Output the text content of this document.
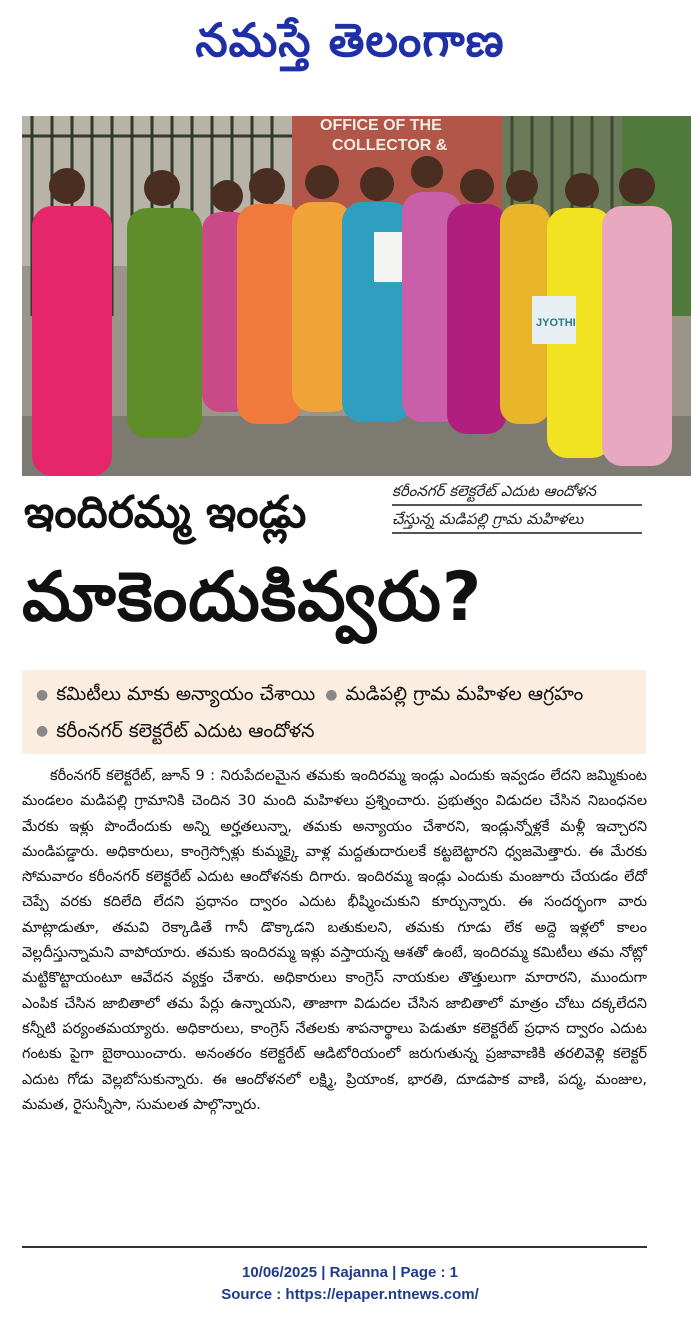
నమస్తే తెలంగాణ
OFFICE OF THE
COLLECTOR &
JYOTHI
కరీంనగర్ కలెక్టరేట్ ఎదుట ఆందోళన
చేస్తున్న మడిపల్లి గ్రామ మహిళలు
ఇందిరమ్మ ఇండ్లు
మాకెందుకివ్వరు?
● కమిటీలు మాకు అన్యాయం చేశాయి ● మడిపల్లి గ్రామ మహిళల ఆగ్రహం ● కరీంనగర్ కలెక్టరేట్ ఎదుట ఆందోళన
కరీంనగర్ కలెక్టరేట్, జూన్ 9 : నిరుపేదలమైన తమకు ఇందిరమ్మ ఇండ్లు ఎందుకు ఇవ్వడం లేదని జమ్మికుంట మండలం మడిపల్లి గ్రామానికి చెందిన 30 మంది మహిళలు ప్రశ్నించారు. ప్రభుత్వం విడుదల చేసిన నిబంధనల మేరకు ఇళ్లు పొందేందుకు అన్ని అర్హతలున్నా, తమకు అన్యాయం చేశారని, ఇండ్లున్నోళ్లకే మళ్లీ ఇచ్చారని మండిపడ్డారు. అధికారులు, కాంగ్రెస్సోళ్లు కుమ్మక్కై వాళ్ల మద్దతుదారులకే కట్టబెట్టారని ధ్వజమెత్తారు. ఈ మేరకు సోమవారం కరీంనగర్ కలెక్టరేట్ ఎదుట ఆందోళనకు దిగారు. ఇందిరమ్మ ఇండ్లు ఎందుకు మంజూరు చేయడం లేదో చెప్పే వరకు కదిలేది లేదని ప్రధానం ద్వారం ఎదుట భీష్మించుకుని కూర్చున్నారు. ఈ సందర్భంగా వారు మాట్లాడుతూ, తమవి రెక్కాడితే గానీ డొక్కాడని బతుకులని, తమకు గూడు లేక అద్దె ఇళ్లలో కాలం వెల్లదీస్తున్నామని వాపోయారు. తమకు ఇందిరమ్మ ఇళ్లు వస్తాయన్న ఆశతో ఉంటే, ఇందిరమ్మ కమిటీలు తమ నోట్లో మట్టికొట్టాయంటూ ఆవేదన వ్యక్తం చేశారు. అధికారులు కాంగ్రెస్ నాయకుల తొత్తులుగా మారారని, ముందుగా ఎంపిక చేసిన జాబితాలో తమ పేర్లు ఉన్నాయని, తాజాగా విడుదల చేసిన జాబితాలో మాత్రం చోటు దక్కలేదని కన్నీటి పర్యంతమయ్యారు. అధికారులు, కాంగ్రెస్ నేతలకు శాపనార్థాలు పెడుతూ కలెక్టరేట్ ప్రధాన ద్వారం ఎదుట గంటకు పైగా బైఠాయించారు. అనంతరం కలెక్టరేట్ ఆడిటోరియంలో జరుగుతున్న ప్రజావాణికి తరలివెళ్లి కలెక్టర్ ఎదుట గోడు వెల్లబోసుకున్నారు. ఈ ఆందోళనలో లక్ష్మి, ప్రియాంక, భారతి, దూడపాక వాణి, పద్మ, మంజుల, మమత, రైసున్నీసా, సుమలత పాల్గొన్నారు.
10/06/2025 | Rajanna | Page : 1
Source : https://epaper.ntnews.com/
